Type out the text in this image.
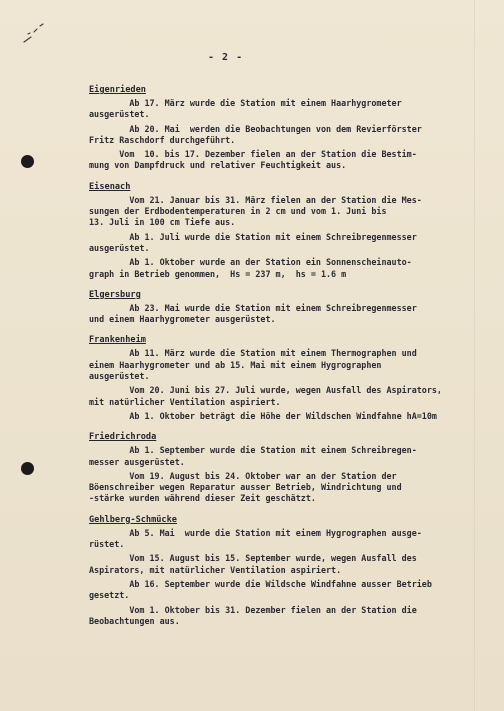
- 2 -
Eigenrieden
Ab 17. März wurde die Station mit einem Haarhygrometer
ausgerüstet.
Ab 20. Mai  werden die Beobachtungen von dem Revierförster
Fritz Raschdorf durchgeführt.
Vom  10. bis 17. Dezember fielen an der Station die Bestim-
mung von Dampfdruck und relativer Feuchtigkeit aus.
Eisenach
Vom 21. Januar bis 31. März fielen an der Station die Mes-
sungen der Erdbodentemperaturen in 2 cm und vom 1. Juni bis
13. Juli in 100 cm Tiefe aus.
Ab 1. Juli wurde die Station mit einem Schreibregenmesser
ausgerüstet.
Ab 1. Oktober wurde an der Station ein Sonnenscheinauto-
graph in Betrieb genommen,  Hs = 237 m,  hs = 1.6 m
Elgersburg
Ab 23. Mai wurde die Station mit einem Schreibregenmesser
und einem Haarhygrometer ausgerüstet.
Frankenheim
Ab 11. März wurde die Station mit einem Thermographen und
einem Haarhygrometer und ab 15. Mai mit einem Hygrographen
ausgerüstet.
Vom 20. Juni bis 27. Juli wurde, wegen Ausfall des Aspirators,
mit natürlicher Ventilation aspiriert.
Ab 1. Oktober beträgt die Höhe der Wildschen Windfahne hA=10m
Friedrichroda
Ab 1. September wurde die Station mit einem Schreibregen-
messer ausgerüstet.
Vom 19. August bis 24. Oktober war an der Station der
Böenschreiber wegen Reparatur ausser Betrieb, Windrichtung und
-stärke wurden während dieser Zeit geschätzt.
Gehlberg-Schmücke
Ab 5. Mai  wurde die Station mit einem Hygrographen ausge-
rüstet.
Vom 15. August bis 15. September wurde, wegen Ausfall des
Aspirators, mit natürlicher Ventilation aspiriert.
Ab 16. September wurde die Wildsche Windfahne ausser Betrieb
gesetzt.
Vom 1. Oktober bis 31. Dezember fielen an der Station die
Beobachtungen aus.
